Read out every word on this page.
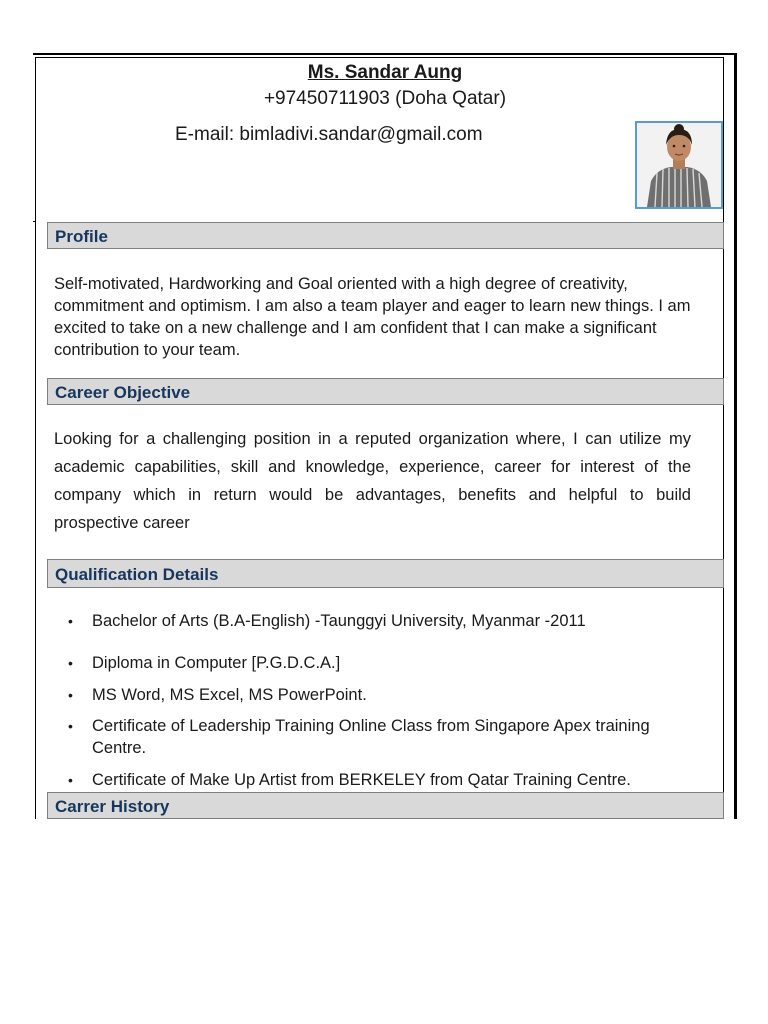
Ms. Sandar Aung
+97450711903 (Doha Qatar)
E-mail: bimladivi.sandar@gmail.com
Profile
Self-motivated, Hardworking and Goal oriented with a high degree of creativity, commitment and optimism. I am also a team player and eager to learn new things. I am excited to take on a new challenge and I am confident that I can make a significant contribution to your team.
Career Objective
Looking for a challenging position in a reputed organization where, I can utilize my academic capabilities, skill and knowledge, experience, career for interest of the company which in return would be advantages, benefits and helpful to build prospective career
Qualification Details
• Bachelor of Arts (B.A-English) -Taunggyi University, Myanmar -2011
• Diploma in Computer [P.G.D.C.A.]
• MS Word, MS Excel, MS PowerPoint.
• Certificate of Leadership Training Online Class from Singapore Apex training Centre.
• Certificate of Make Up Artist from BERKELEY from Qatar Training Centre.
Carrer History
